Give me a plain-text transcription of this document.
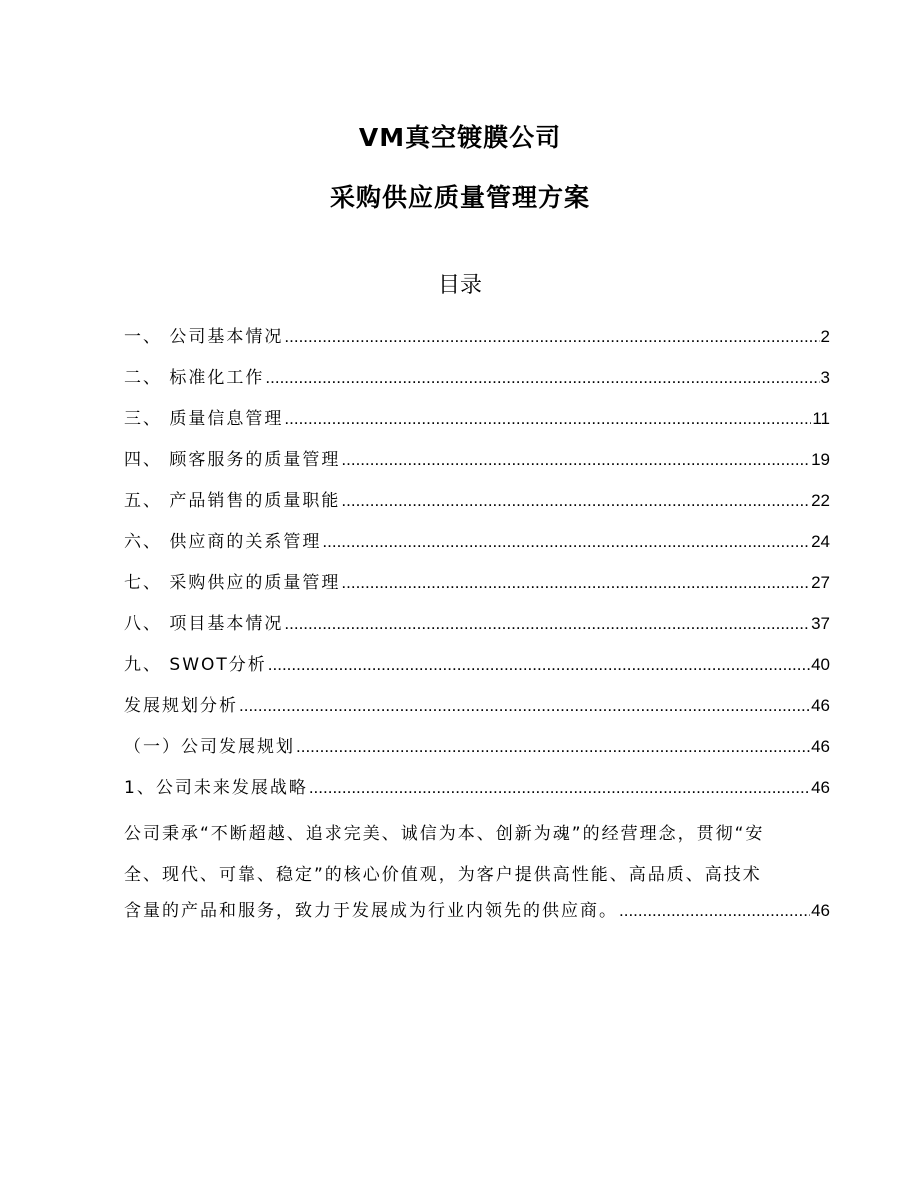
VM真空镀膜公司
采购供应质量管理方案
目录
一、 公司基本情况 .....	2
二、 标准化工作 .....	3
三、 质量信息管理 .....	11
四、 顾客服务的质量管理 .....	19
五、 产品销售的质量职能 .....	22
六、 供应商的关系管理 .....	24
七、 采购供应的质量管理 .....	27
八、 项目基本情况 .....	37
九、 SWOT分析 .....	40
发展规划分析 .....	46
（一）公司发展规划 .....	46
1、公司未来发展战略 .....	46
公司秉承“不断超越、追求完美、诚信为本、创新为魂”的经营理念，贯彻“安
全、现代、可靠、稳定”的核心价值观，为客户提供高性能、高品质、高技术
含量的产品和服务，致力于发展成为行业内领先的供应商。 .....	46
